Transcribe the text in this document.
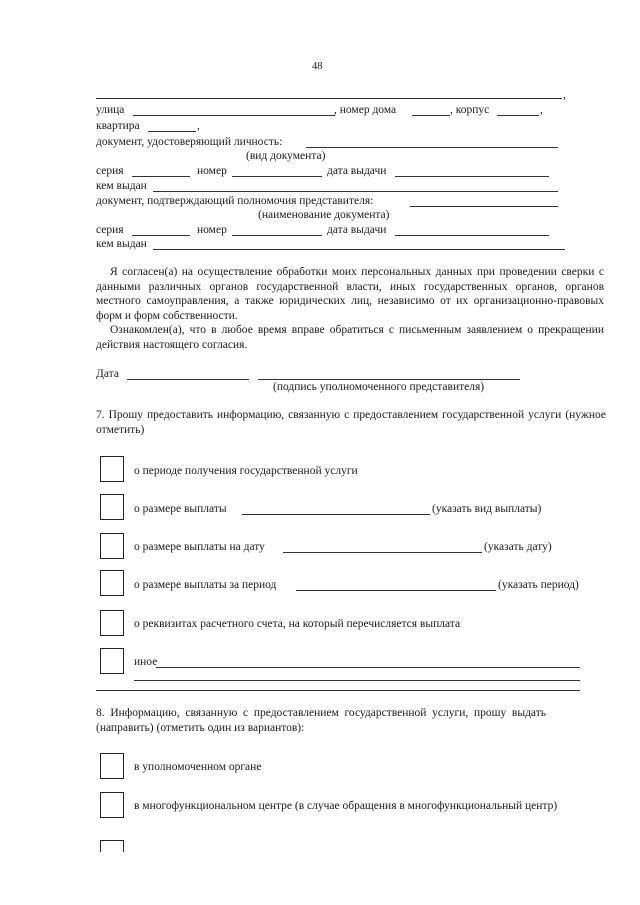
48
,
улица	, номер дома	, корпус	,
квартира	,
документ, удостоверяющий личность:
(вид документа)
серия	номер	дата выдачи
кем выдан
документ, подтверждающий полномочия представителя:
(наименование документа)
серия	номер	дата выдачи
кем выдан
Я согласен(а) на осуществление обработки моих персональных данных при проведении сверки с данными различных органов государственной власти, иных государственных органов, органов местного самоуправления, а также юридических лиц, независимо от их организационно-правовых форм и форм собственности.
Ознакомлен(а), что в любое время вправе обратиться с письменным заявлением о прекращении действия настоящего согласия.
Дата
(подпись уполномоченного представителя)
7. Прошу предоставить информацию, связанную с предоставлением государственной услуги (нужное отметить)
о периоде получения государственной услуги
о размере выплаты	(указать вид выплаты)
о размере выплаты на дату	(указать дату)
о размере выплаты за период	(указать период)
о реквизитах расчетного счета, на который перечисляется выплата
иное
8. Информацию, связанную с предоставлением государственной услуги, прошу выдать (направить) (отметить один из вариантов):
в уполномоченном органе
в многофункциональном центре (в случае обращения в многофункциональный центр)
